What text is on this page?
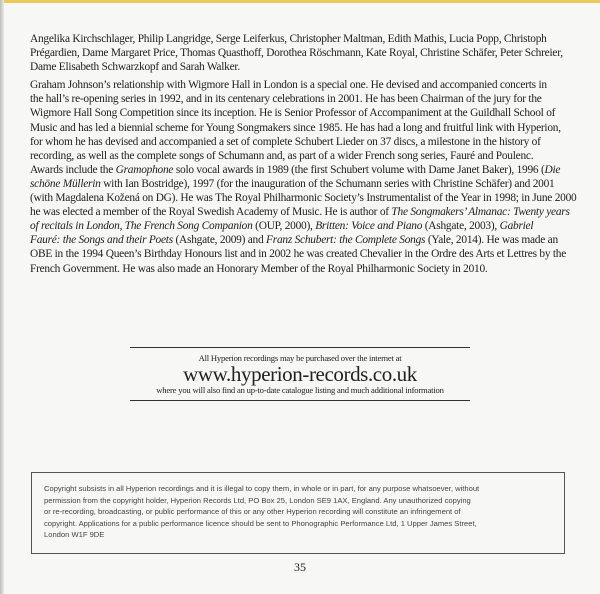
Angelika Kirchschlager, Philip Langridge, Serge Leiferkus, Christopher Maltman, Edith Mathis, Lucia Popp, Christoph
Prégardien, Dame Margaret Price, Thomas Quasthoff, Dorothea Röschmann, Kate Royal, Christine Schäfer, Peter Schreier,
Dame Elisabeth Schwarzkopf and Sarah Walker.
Graham Johnson’s relationship with Wigmore Hall in London is a special one. He devised and accompanied concerts in
the hall’s re-opening series in 1992, and in its centenary celebrations in 2001. He has been Chairman of the jury for the
Wigmore Hall Song Competition since its inception. He is Senior Professor of Accompaniment at the Guildhall School of
Music and has led a biennial scheme for Young Songmakers since 1985. He has had a long and fruitful link with Hyperion,
for whom he has devised and accompanied a set of complete Schubert Lieder on 37 discs, a milestone in the history of
recording, as well as the complete songs of Schumann and, as part of a wider French song series, Fauré and Poulenc.
Awards include the Gramophone solo vocal awards in 1989 (the first Schubert volume with Dame Janet Baker), 1996 (Die
schöne Müllerin with Ian Bostridge), 1997 (for the inauguration of the Schumann series with Christine Schäfer) and 2001
(with Magdalena Kožená on DG). He was The Royal Philharmonic Society’s Instrumentalist of the Year in 1998; in June 2000
he was elected a member of the Royal Swedish Academy of Music. He is author of The Songmakers’ Almanac: Twenty years
of recitals in London, The French Song Companion (OUP, 2000), Britten: Voice and Piano (Ashgate, 2003), Gabriel
Fauré: the Songs and their Poets (Ashgate, 2009) and Franz Schubert: the Complete Songs (Yale, 2014). He was made an
OBE in the 1994 Queen’s Birthday Honours list and in 2002 he was created Chevalier in the Ordre des Arts et Lettres by the
French Government. He was also made an Honorary Member of the Royal Philharmonic Society in 2010.
All Hyperion recordings may be purchased over the internet at
www.hyperion-records.co.uk
where you will also find an up-to-date catalogue listing and much additional information
Copyright subsists in all Hyperion recordings and it is illegal to copy them, in whole or in part, for any purpose whatsoever, without
permission from the copyright holder, Hyperion Records Ltd, PO Box 25, London SE9 1AX, England. Any unauthorized copying
or re-recording, broadcasting, or public performance of this or any other Hyperion recording will constitute an infringement of
copyright. Applications for a public performance licence should be sent to Phonographic Performance Ltd, 1 Upper James Street,
London W1F 9DE
35
